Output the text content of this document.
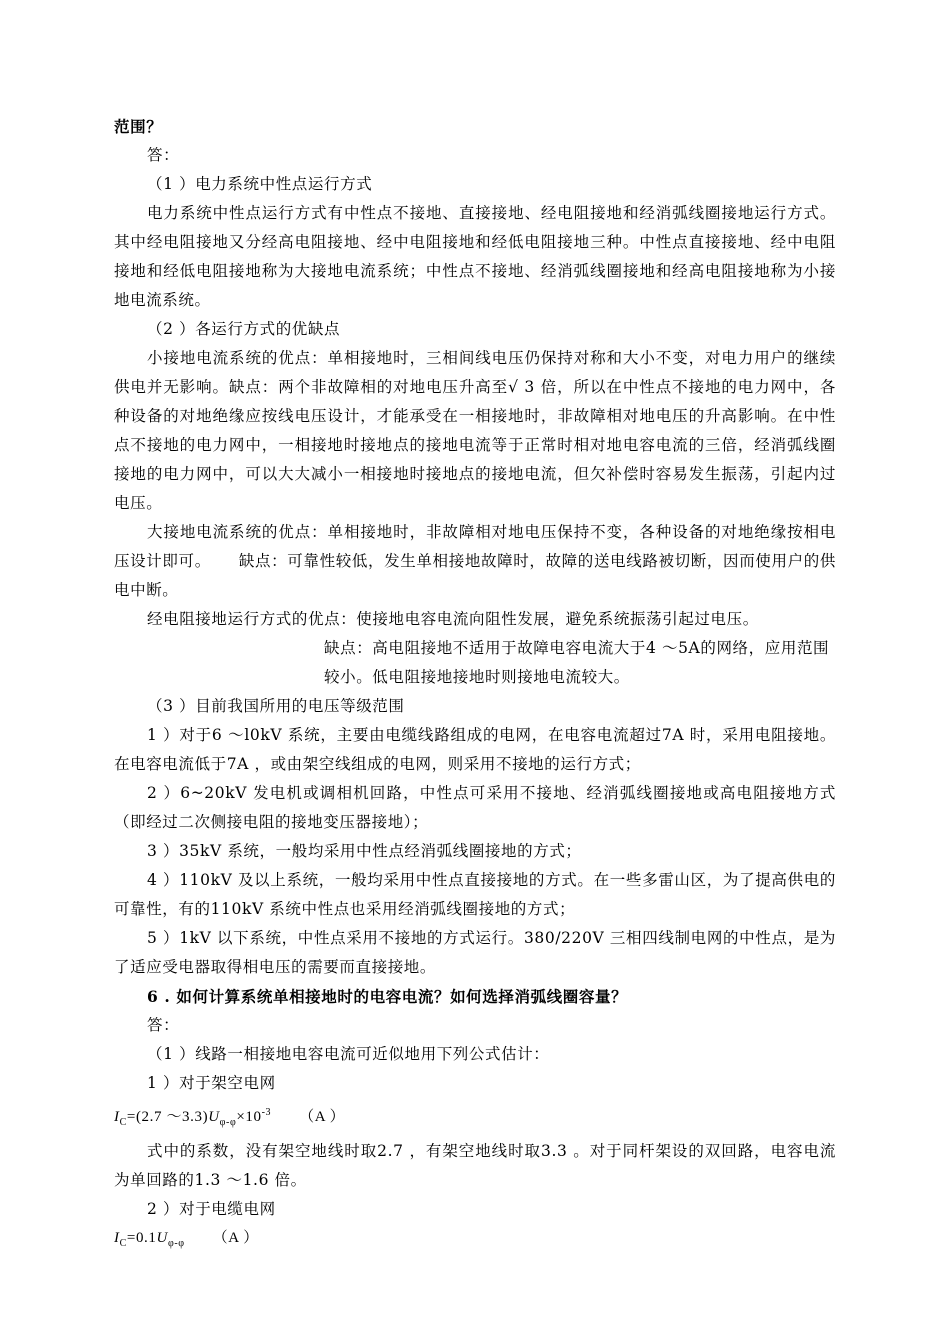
范围？

答：

（1 ）电力系统中性点运行方式

电力系统中性点运行方式有中性点不接地、直接接地、经电阻接地和经消弧线圈接地运行方式。其中经电阻接地又分经高电阻接地、经中电阻接地和经低电阻接地三种。中性点直接接地、经中电阻接地和经低电阻接地称为大接地电流系统；中性点不接地、经消弧线圈接地和经高电阻接地称为小接地电流系统。

（2 ）各运行方式的优缺点

小接地电流系统的优点：单相接地时，三相间线电压仍保持对称和大小不变，对电力用户的继续供电并无影响。缺点：两个非故障相的对地电压升高至√ 3 倍，所以在中性点不接地的电力网中，各种设备的对地绝缘应按线电压设计，才能承受在一相接地时，非故障相对地电压的升高影响。在中性点不接地的电力网中，一相接地时接地点的接地电流等于正常时相对地电容电流的三倍，经消弧线圈接地的电力网中，可以大大减小一相接地时接地点的接地电流，但欠补偿时容易发生振荡，引起内过电压。

大接地电流系统的优点：单相接地时，非故障相对地电压保持不变，各种设备的对地绝缘按相电压设计即可。 缺点：可靠性较低，发生单相接地故障时，故障的送电线路被切断，因而使用户的供电中断。

经电阻接地运行方式的优点：使接地电容电流向阻性发展，避免系统振荡引起过电压。

缺点：高电阻接地不适用于故障电容电流大于4 ～5A的网络，应用范围较小。低电阻接地接地时则接地电流较大。

（3 ）目前我国所用的电压等级范围

1 ）对于6 ～l0kV 系统，主要由电缆线路组成的电网，在电容电流超过7A 时，采用电阻接地。在电容电流低于7A ，或由架空线组成的电网，则采用不接地的运行方式；

2 ）6~20kV 发电机或调相机回路，中性点可采用不接地、经消弧线圈接地或高电阻接地方式（即经过二次侧接电阻的接地变压器接地）；

3 ）35kV 系统，一般均采用中性点经消弧线圈接地的方式；

4 ）110kV 及以上系统，一般均采用中性点直接接地的方式。在一些多雷山区，为了提高供电的可靠性，有的110kV 系统中性点也采用经消弧线圈接地的方式；

5 ）1kV 以下系统，中性点采用不接地的方式运行。380/220V 三相四线制电网的中性点，是为了适应受电器取得相电压的需要而直接接地。

6 . 如何计算系统单相接地时的电容电流？如何选择消弧线圈容量？

答：

（1 ）线路一相接地电容电流可近似地用下列公式估计：

1 ）对于架空电网

$I_C=(2.7$ $\sim 3.3)U_{\varphi-\varphi}\times 10^{-3}$ （A ）

式中的系数，没有架空地线时取2.7 ，有架空地线时取3.3 。对于同杆架设的双回路，电容电流为单回路的1.3 ～1.6 倍。

2 ）对于电缆电网

$I_C=0.1U_{\varphi-\varphi}$ （A ）
